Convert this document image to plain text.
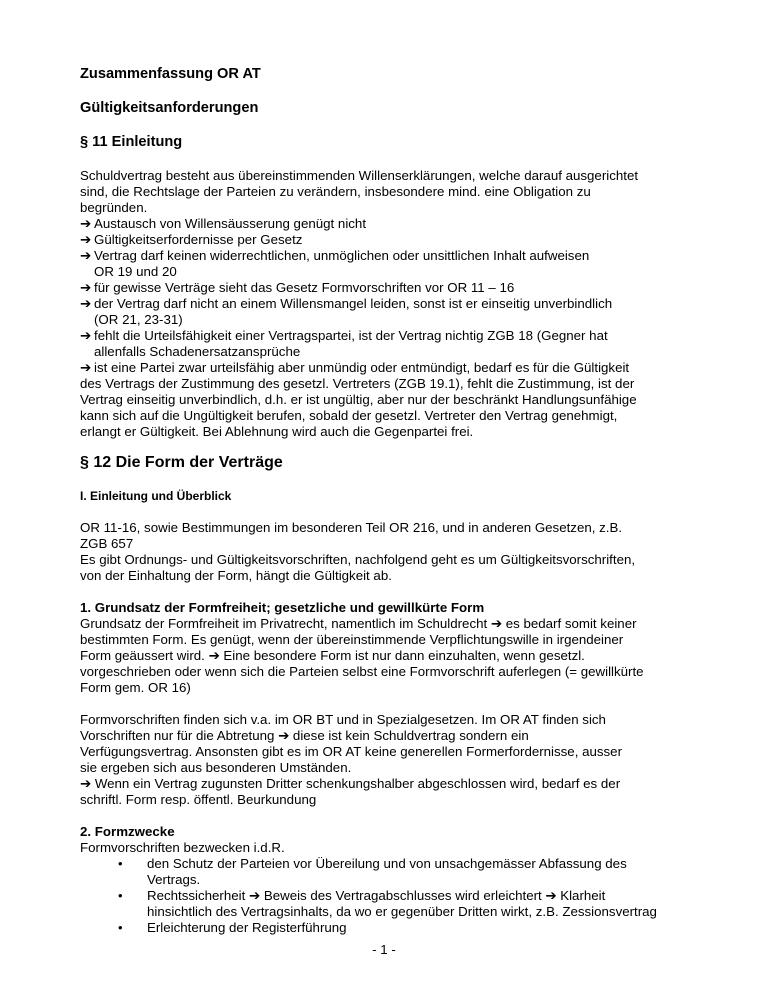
Zusammenfassung OR AT
Gültigkeitsanforderungen
§ 11 Einleitung
Schuldvertrag besteht aus übereinstimmenden Willenserklärungen, welche darauf ausgerichtet
sind, die Rechtslage der Parteien zu verändern, insbesondere mind. eine Obligation zu
begründen.
➔ Austausch von Willensäusserung genügt nicht
➔ Gültigkeitserfordernisse per Gesetz
➔ Vertrag darf keinen widerrechtlichen, unmöglichen oder unsittlichen Inhalt aufweisen
OR 19 und 20
➔ für gewisse Verträge sieht das Gesetz Formvorschriften vor OR 11 – 16
➔ der Vertrag darf nicht an einem Willensmangel leiden, sonst ist er einseitig unverbindlich
(OR 21, 23-31)
➔ fehlt die Urteilsfähigkeit einer Vertragspartei, ist der Vertrag nichtig ZGB 18 (Gegner hat
allenfalls Schadenersatzansprüche
➔ ist eine Partei zwar urteilsfähig aber unmündig oder entmündigt, bedarf es für die Gültigkeit
des Vertrags der Zustimmung des gesetzl. Vertreters (ZGB 19.1), fehlt die Zustimmung, ist der
Vertrag einseitig unverbindlich, d.h. er ist ungültig, aber nur der beschränkt Handlungsunfähige
kann sich auf die Ungültigkeit berufen, sobald der gesetzl. Vertreter den Vertrag genehmigt,
erlangt er Gültigkeit. Bei Ablehnung wird auch die Gegenpartei frei.
§ 12 Die Form der Verträge
I. Einleitung und Überblick
OR 11-16, sowie Bestimmungen im besonderen Teil OR 216, und in anderen Gesetzen, z.B.
ZGB 657
Es gibt Ordnungs- und Gültigkeitsvorschriften, nachfolgend geht es um Gültigkeitsvorschriften,
von der Einhaltung der Form, hängt die Gültigkeit ab.
1. Grundsatz der Formfreiheit; gesetzliche und gewillkürte Form
Grundsatz der Formfreiheit im Privatrecht, namentlich im Schuldrecht ➔ es bedarf somit keiner
bestimmten Form. Es genügt, wenn der übereinstimmende Verpflichtungswille in irgendeiner
Form geäussert wird. ➔ Eine besondere Form ist nur dann einzuhalten, wenn gesetzl.
vorgeschrieben oder wenn sich die Parteien selbst eine Formvorschrift auferlegen (= gewillkürte
Form gem. OR 16)
Formvorschriften finden sich v.a. im OR BT und in Spezialgesetzen. Im OR AT finden sich
Vorschriften nur für die Abtretung ➔ diese ist kein Schuldvertrag sondern ein
Verfügungsvertrag. Ansonsten gibt es im OR AT keine generellen Formerfordernisse, ausser
sie ergeben sich aus besonderen Umständen.
➔ Wenn ein Vertrag zugunsten Dritter schenkungshalber abgeschlossen wird, bedarf es der
schriftl. Form resp. öffentl. Beurkundung
2. Formzwecke
Formvorschriften bezwecken i.d.R.
• den Schutz der Parteien vor Übereilung und von unsachgemässer Abfassung des
Vertrags.
• Rechtssicherheit ➔ Beweis des Vertragabschlusses wird erleichtert ➔ Klarheit
hinsichtlich des Vertragsinhalts, da wo er gegenüber Dritten wirkt, z.B. Zessionsvertrag
• Erleichterung der Registerführung
- 1 -
